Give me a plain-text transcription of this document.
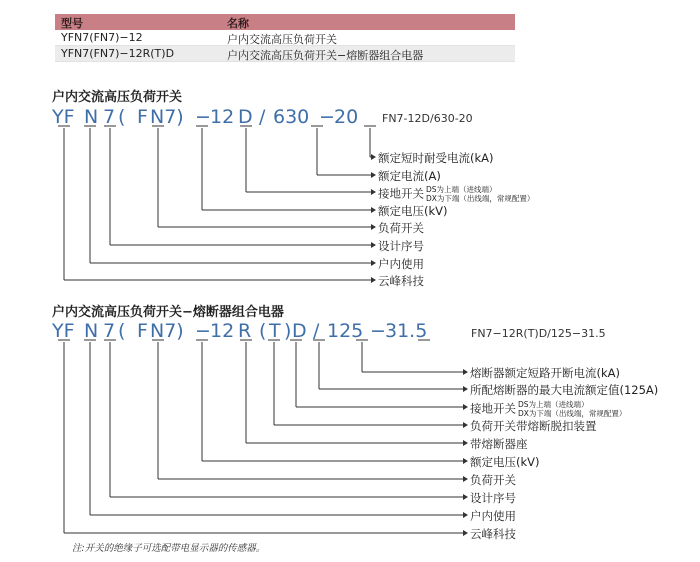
型号	名称
YFN7(FN7)−12	户内交流高压负荷开关
YFN7(FN7)−12R(T)D	户内交流高压负荷开关−熔断器组合电器
户内交流高压负荷开关
YF N 7 ( F N7) − 12 D / 630 − 20 FN7-12D/630-20
户内交流高压负荷开关−熔断器组合电器
YF N 7 ( F N7) − 12 R ( T ) D / 125 − 31.5	FN7−12R(T)D/125−31.5
额定短时耐受电流(kA)
额定电流(A)
接地开关 DS为上端（进线端）
DX为下端（出线端，常规配置）
额定电压(kV)
负荷开关
设计序号
户内使用
云峰科技
熔断器额定短路开断电流(kA)
所配熔断器的最大电流额定值(125A)
接地开关 DS为上端（进线端）
DX为下端（出线端，常规配置）
负荷开关带熔断脱扣装置
带熔断器座
额定电压(kV)
负荷开关
设计序号
户内使用
云峰科技
注:开关的绝缘子可选配带电显示器的传感器。
